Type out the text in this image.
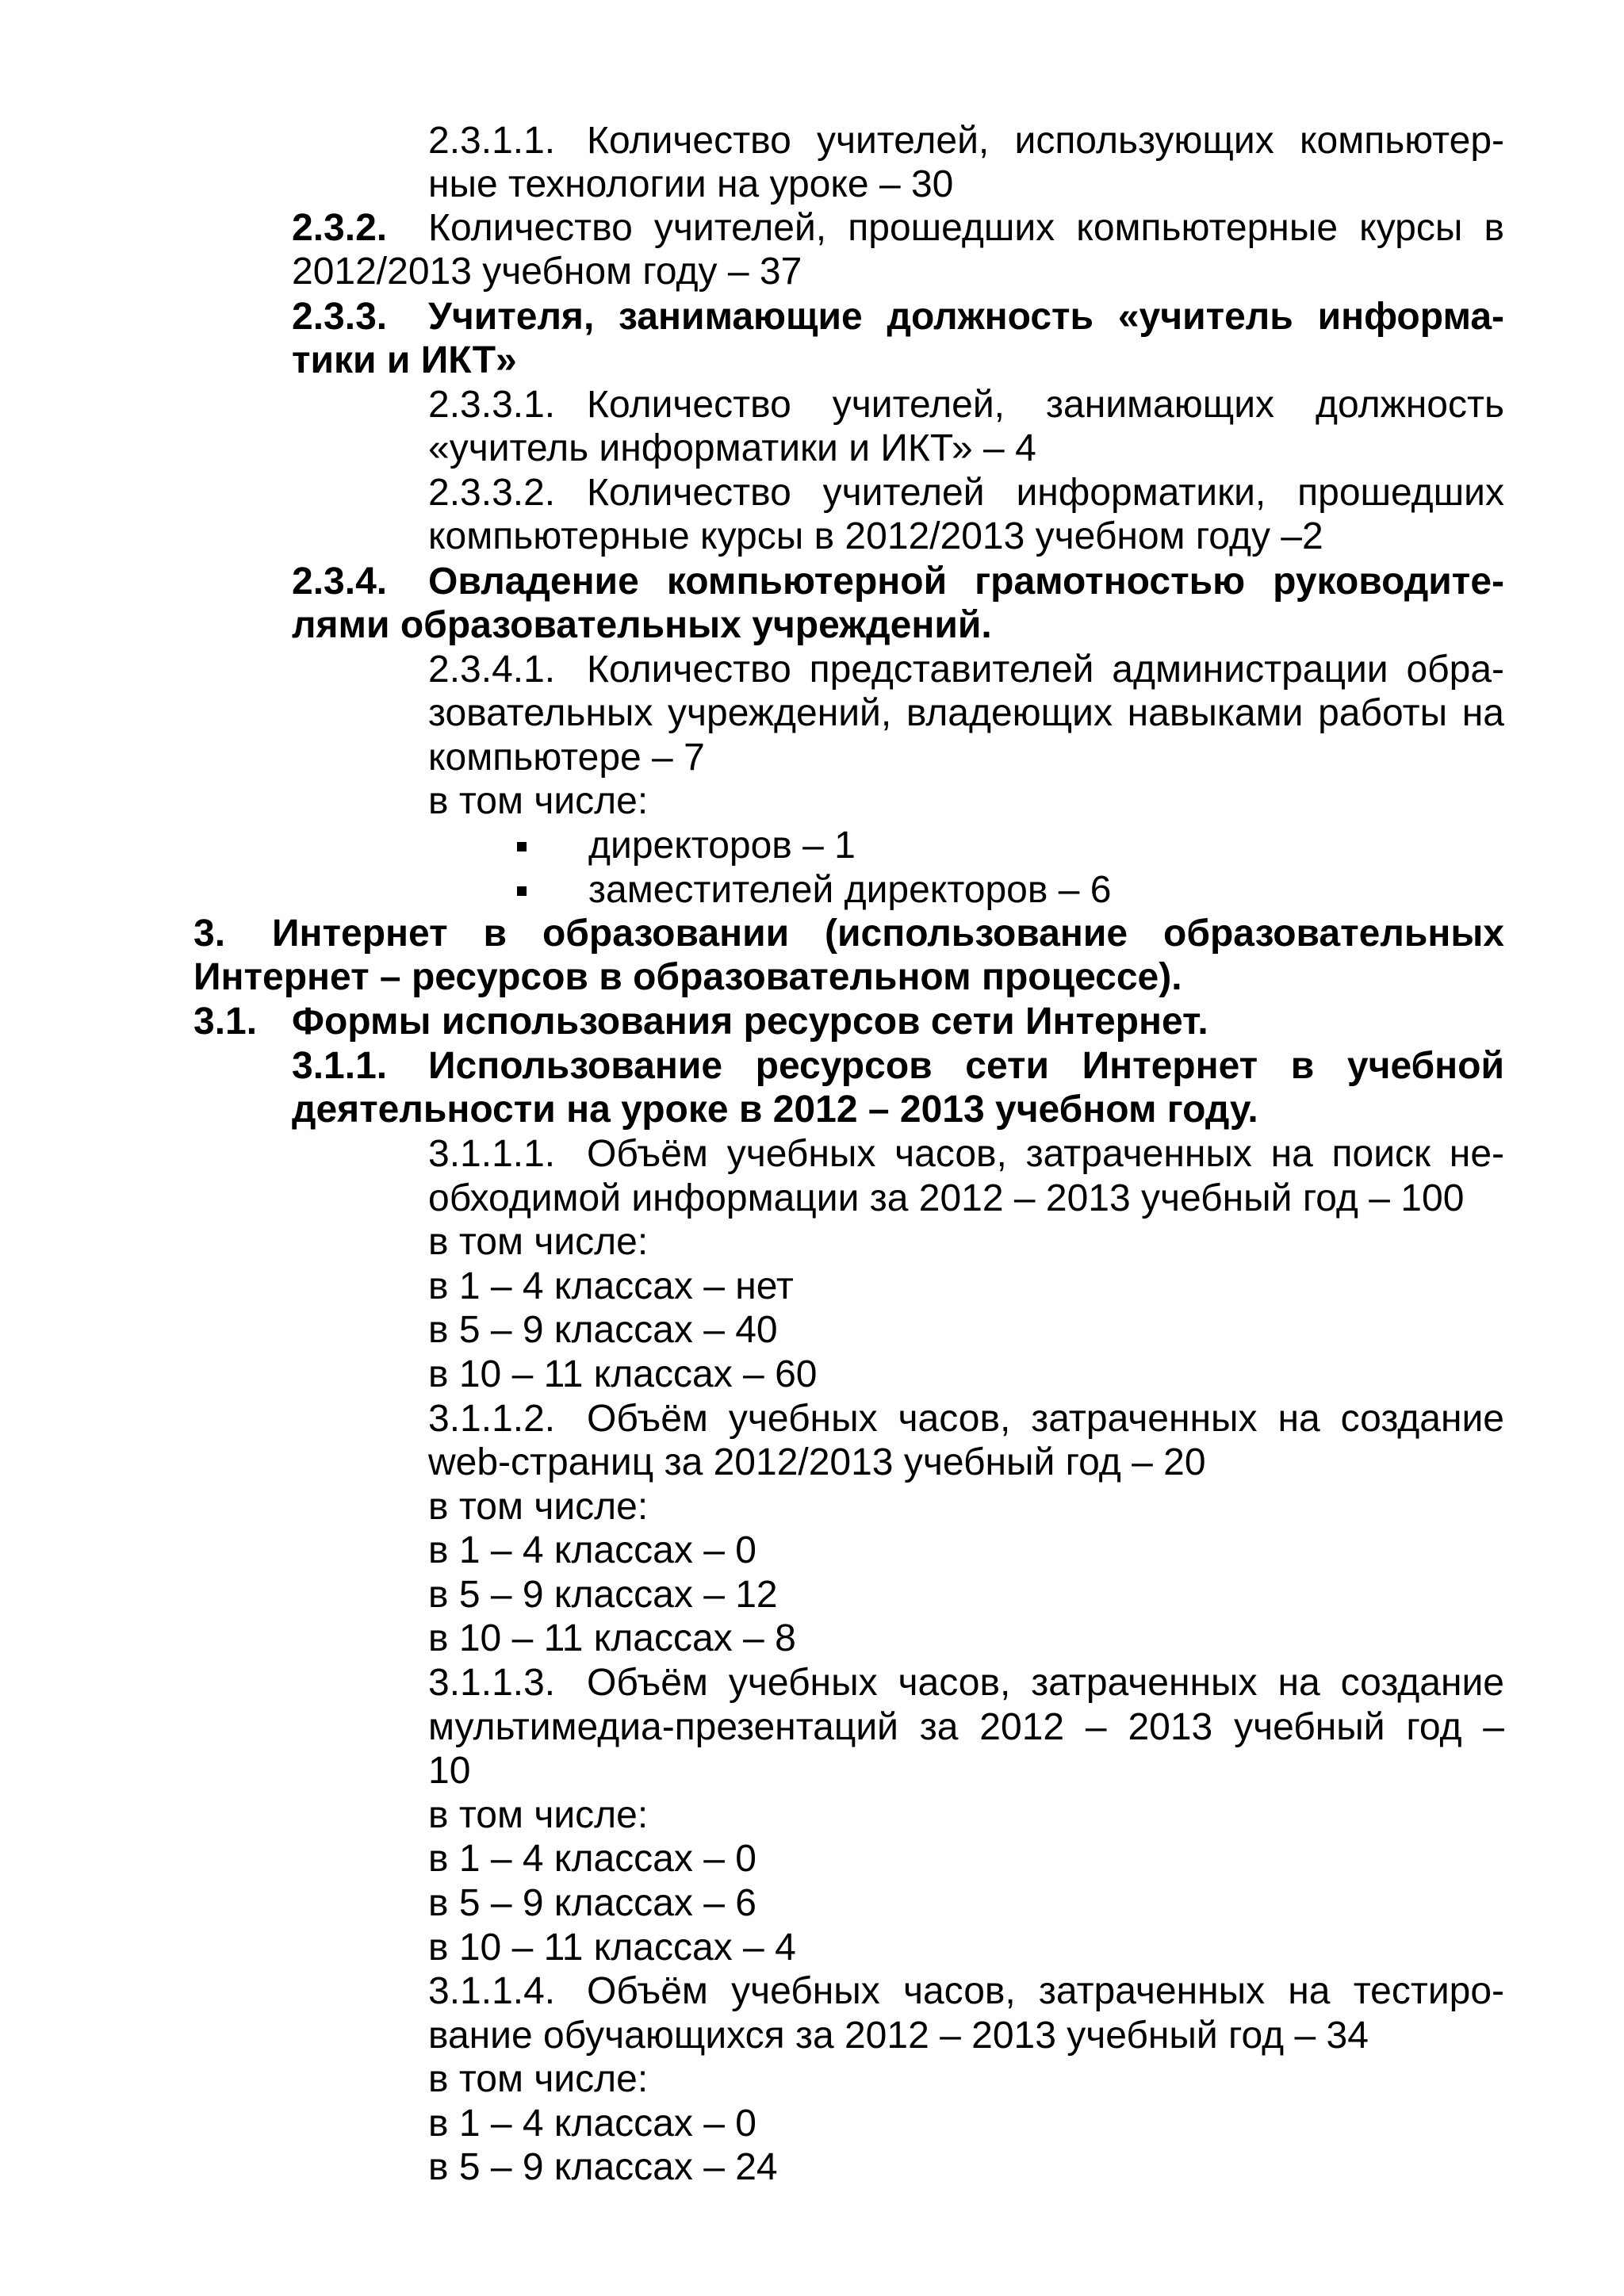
2.3.1.1. Количество учителей, использующих компьютер-
ные технологии на уроке – 30
2.3.2. Количество учителей, прошедших компьютерные курсы в
2012/2013 учебном году – 37
2.3.3. Учителя, занимающие должность «учитель информа-
тики и ИКТ»
2.3.3.1. Количество учителей, занимающих должность
«учитель информатики и ИКТ» – 4
2.3.3.2. Количество учителей информатики, прошедших
компьютерные курсы в 2012/2013 учебном году –2
2.3.4. Овладение компьютерной грамотностью руководите-
лями образовательных учреждений.
2.3.4.1. Количество представителей администрации обра-
зовательных учреждений, владеющих навыками работы на
компьютере – 7
в том числе:
директоров – 1
заместителей директоров – 6
3. Интернет в образовании (использование образовательных
Интернет – ресурсов в образовательном процессе).
3.1. Формы использования ресурсов сети Интернет.
3.1.1. Использование ресурсов сети Интернет в учебной
деятельности на уроке в 2012 – 2013 учебном году.
3.1.1.1. Объём учебных часов, затраченных на поиск не-
обходимой информации за 2012 – 2013 учебный год – 100
в том числе:
в 1 – 4 классах – нет
в 5 – 9 классах – 40
в 10 – 11 классах – 60
3.1.1.2. Объём учебных часов, затраченных на создание
web-страниц за 2012/2013 учебный год – 20
в том числе:
в 1 – 4 классах – 0
в 5 – 9 классах – 12
в 10 – 11 классах – 8
3.1.1.3. Объём учебных часов, затраченных на создание
мультимедиа-презентаций за 2012 – 2013 учебный год –
10
в том числе:
в 1 – 4 классах – 0
в 5 – 9 классах – 6
в 10 – 11 классах – 4
3.1.1.4. Объём учебных часов, затраченных на тестиро-
вание обучающихся за 2012 – 2013 учебный год – 34
в том числе:
в 1 – 4 классах – 0
в 5 – 9 классах – 24
